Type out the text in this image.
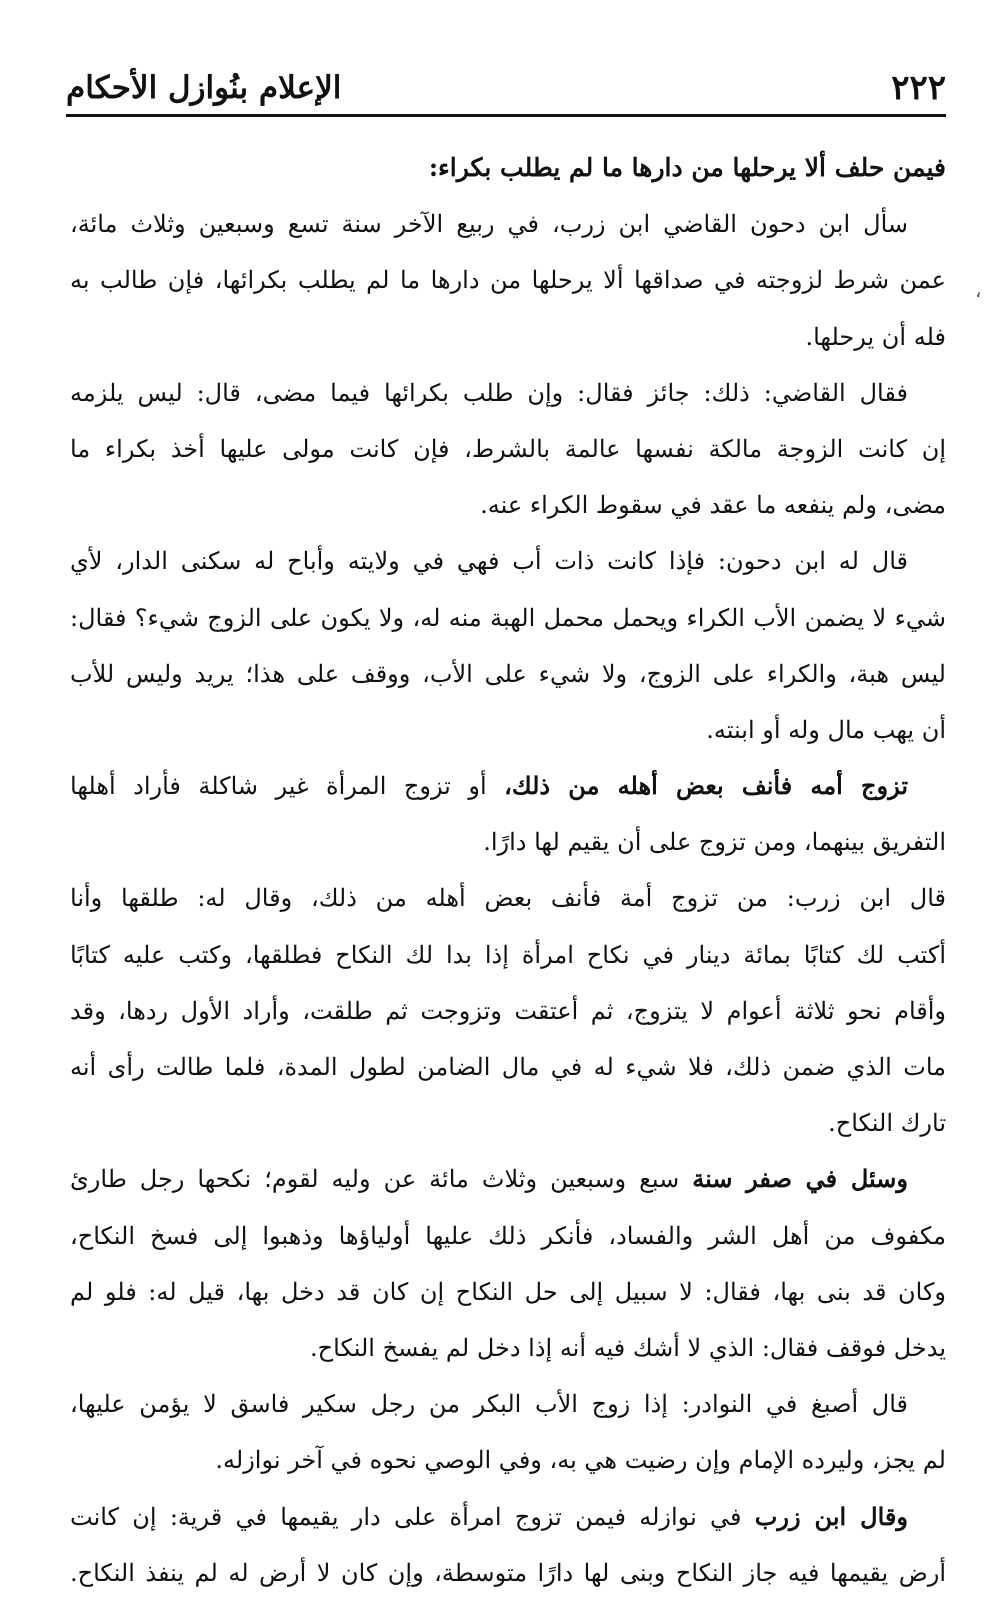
٢٢٢
الإعلام بنُوازل الأحكام
،
فيمن حلف ألا يرحلها من دارها ما لم يطلب بكراء:
سأل ابن دحون القاضي ابن زرب، في ربيع الآخر سنة تسع وسبعين وثلاث مائة،
عمن شرط لزوجته في صداقها ألا يرحلها من دارها ما لم يطلب بكرائها، فإن طالب به
فله أن يرحلها.
فقال القاضي: ذلك: جائز فقال: وإن طلب بكرائها فيما مضى، قال: ليس يلزمه
إن كانت الزوجة مالكة نفسها عالمة بالشرط، فإن كانت مولى عليها أخذ بكراء ما
مضى، ولم ينفعه ما عقد في سقوط الكراء عنه.
قال له ابن دحون: فإذا كانت ذات أب فهي في ولايته وأباح له سكنى الدار، لأي
شيء لا يضمن الأب الكراء ويحمل محمل الهبة منه له، ولا يكون على الزوج شيء؟ فقال:
ليس هبة، والكراء على الزوج، ولا شيء على الأب، ووقف على هذا؛ يريد وليس للأب
أن يهب مال وله أو ابنته.
تزوج أمه فأنف بعض أهله من ذلك، أو تزوج المرأة غير شاكلة فأراد أهلها
التفريق بينهما، ومن تزوج على أن يقيم لها دارًا.
قال ابن زرب: من تزوج أمة فأنف بعض أهله من ذلك، وقال له: طلقها وأنا
أكتب لك كتابًا بمائة دينار في نكاح امرأة إذا بدا لك النكاح فطلقها، وكتب عليه كتابًا
وأقام نحو ثلاثة أعوام لا يتزوج، ثم أعتقت وتزوجت ثم طلقت، وأراد الأول ردها، وقد
مات الذي ضمن ذلك، فلا شيء له في مال الضامن لطول المدة، فلما طالت رأى أنه
تارك النكاح.
وسئل في صفر سنة سبع وسبعين وثلاث مائة عن وليه لقوم؛ نكحها رجل طارئ
مكفوف من أهل الشر والفساد، فأنكر ذلك عليها أولياؤها وذهبوا إلى فسخ النكاح،
وكان قد بنى بها، فقال: لا سبيل إلى حل النكاح إن كان قد دخل بها، قيل له: فلو لم
يدخل فوقف فقال: الذي لا أشك فيه أنه إذا دخل لم يفسخ النكاح.
قال أصبغ في النوادر: إذا زوج الأب البكر من رجل سكير فاسق لا يؤمن عليها،
لم يجز، وليرده الإمام وإن رضيت هي به، وفي الوصي نحوه في آخر نوازله.
وقال ابن زرب في نوازله فيمن تزوج امرأة على دار يقيمها في قرية: إن كانت
أرض يقيمها فيه جاز النكاح وبنى لها دارًا متوسطة، وإن كان لا أرض له لم ينفذ النكاح.
